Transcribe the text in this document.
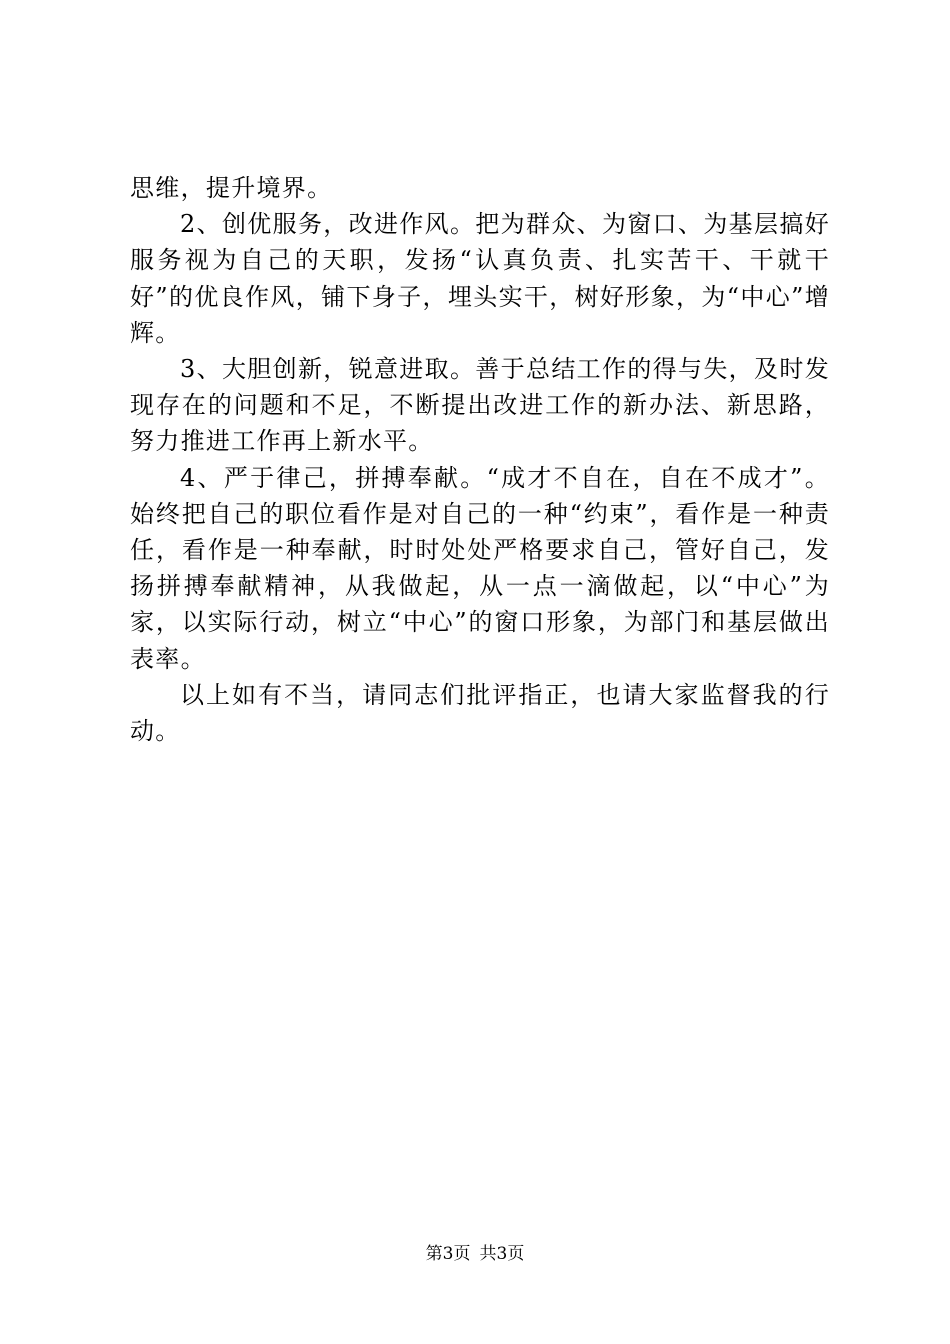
思维，提升境界。

2、创优服务，改进作风。把为群众、为窗口、为基层搞好服务视为自己的天职，发扬“认真负责、扎实苦干、干就干好”的优良作风，铺下身子，埋头实干，树好形象，为“中心”增辉。

3、大胆创新，锐意进取。善于总结工作的得与失，及时发现存在的问题和不足，不断提出改进工作的新办法、新思路，努力推进工作再上新水平。

4、严于律己，拼搏奉献。“成才不自在，自在不成才”。始终把自己的职位看作是对自己的一种“约束”，看作是一种责任，看作是一种奉献，时时处处严格要求自己，管好自己，发扬拼搏奉献精神，从我做起，从一点一滴做起，以“中心”为家，以实际行动，树立“中心”的窗口形象，为部门和基层做出表率。

以上如有不当，请同志们批评指正，也请大家监督我的行动。

第3页 共3页
